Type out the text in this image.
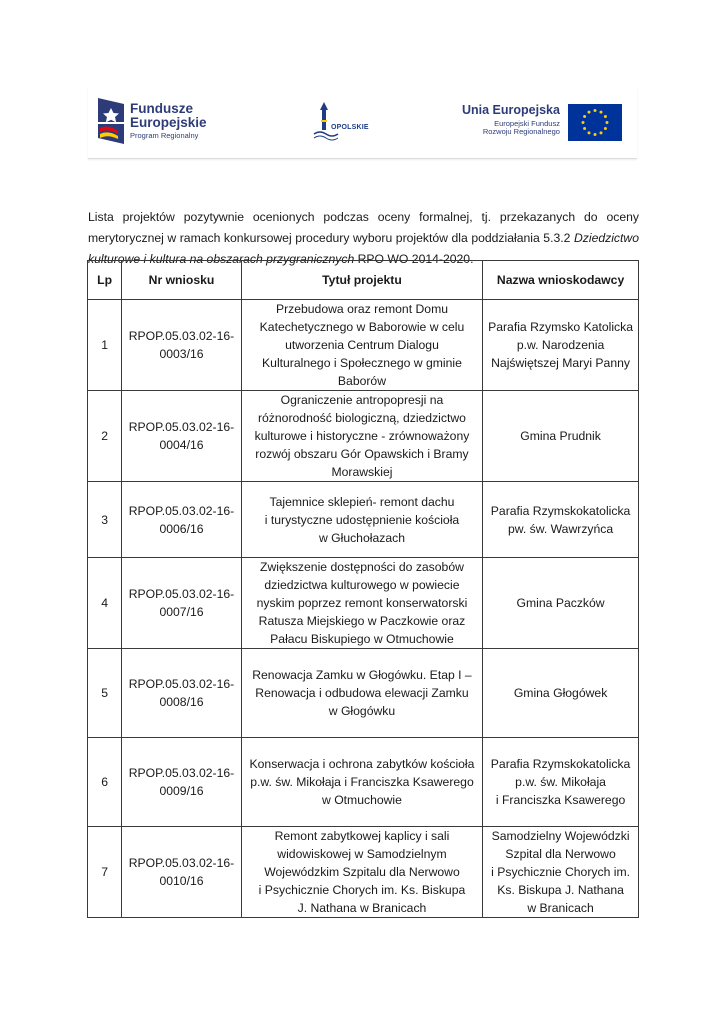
Fundusze
Europejskie
Program Regionalny
OPOLSKIE
Unia Europejska
Europejski Fundusz
Rozwoju Regionalnego

Lista projektów pozytywnie ocenionych podczas oceny formalnej, tj. przekazanych do oceny merytorycznej w ramach konkursowej procedury wyboru projektów dla poddziałania 5.3.2 Dziedzictwo kulturowe i kultura na obszarach przygranicznych RPO WO 2014-2020.

Lp	Nr wniosku	Tytuł projektu	Nazwa wnioskodawcy
1	RPOP.05.03.02-16-
0003/16	Przebudowa oraz remont Domu
Katechetycznego w Baborowie w celu
utworzenia Centrum Dialogu
Kulturalnego i Społecznego w gminie
Baborów	Parafia Rzymsko Katolicka
p.w. Narodzenia
Najświętszej Maryi Panny
2	RPOP.05.03.02-16-
0004/16	Ograniczenie antropopresji na
różnorodność biologiczną, dziedzictwo
kulturowe i historyczne - zrównoważony
rozwój obszaru Gór Opawskich i Bramy
Morawskiej	Gmina Prudnik
3	RPOP.05.03.02-16-
0006/16	Tajemnice sklepień- remont dachu
i turystyczne udostępnienie kościoła
w Głuchołazach	Parafia Rzymskokatolicka
pw. św. Wawrzyńca
4	RPOP.05.03.02-16-
0007/16	Zwiększenie dostępności do zasobów
dziedzictwa kulturowego w powiecie
nyskim poprzez remont konserwatorski
Ratusza Miejskiego w Paczkowie oraz
Pałacu Biskupiego w Otmuchowie	Gmina Paczków
5	RPOP.05.03.02-16-
0008/16	Renowacja Zamku w Głogówku. Etap I –
Renowacja i odbudowa elewacji Zamku
w Głogówku	Gmina Głogówek
6	RPOP.05.03.02-16-
0009/16	Konserwacja i ochrona zabytków kościoła
p.w. św. Mikołaja i Franciszka Ksawerego
w Otmuchowie	Parafia Rzymskokatolicka
p.w. św. Mikołaja
i Franciszka Ksawerego
7	RPOP.05.03.02-16-
0010/16	Remont zabytkowej kaplicy i sali
widowiskowej w Samodzielnym
Wojewódzkim Szpitalu dla Nerwowo
i Psychicznie Chorych im. Ks. Biskupa
J. Nathana w Branicach	Samodzielny Wojewódzki
Szpital dla Nerwowo
i Psychicznie Chorych im.
Ks. Biskupa J. Nathana
w Branicach
